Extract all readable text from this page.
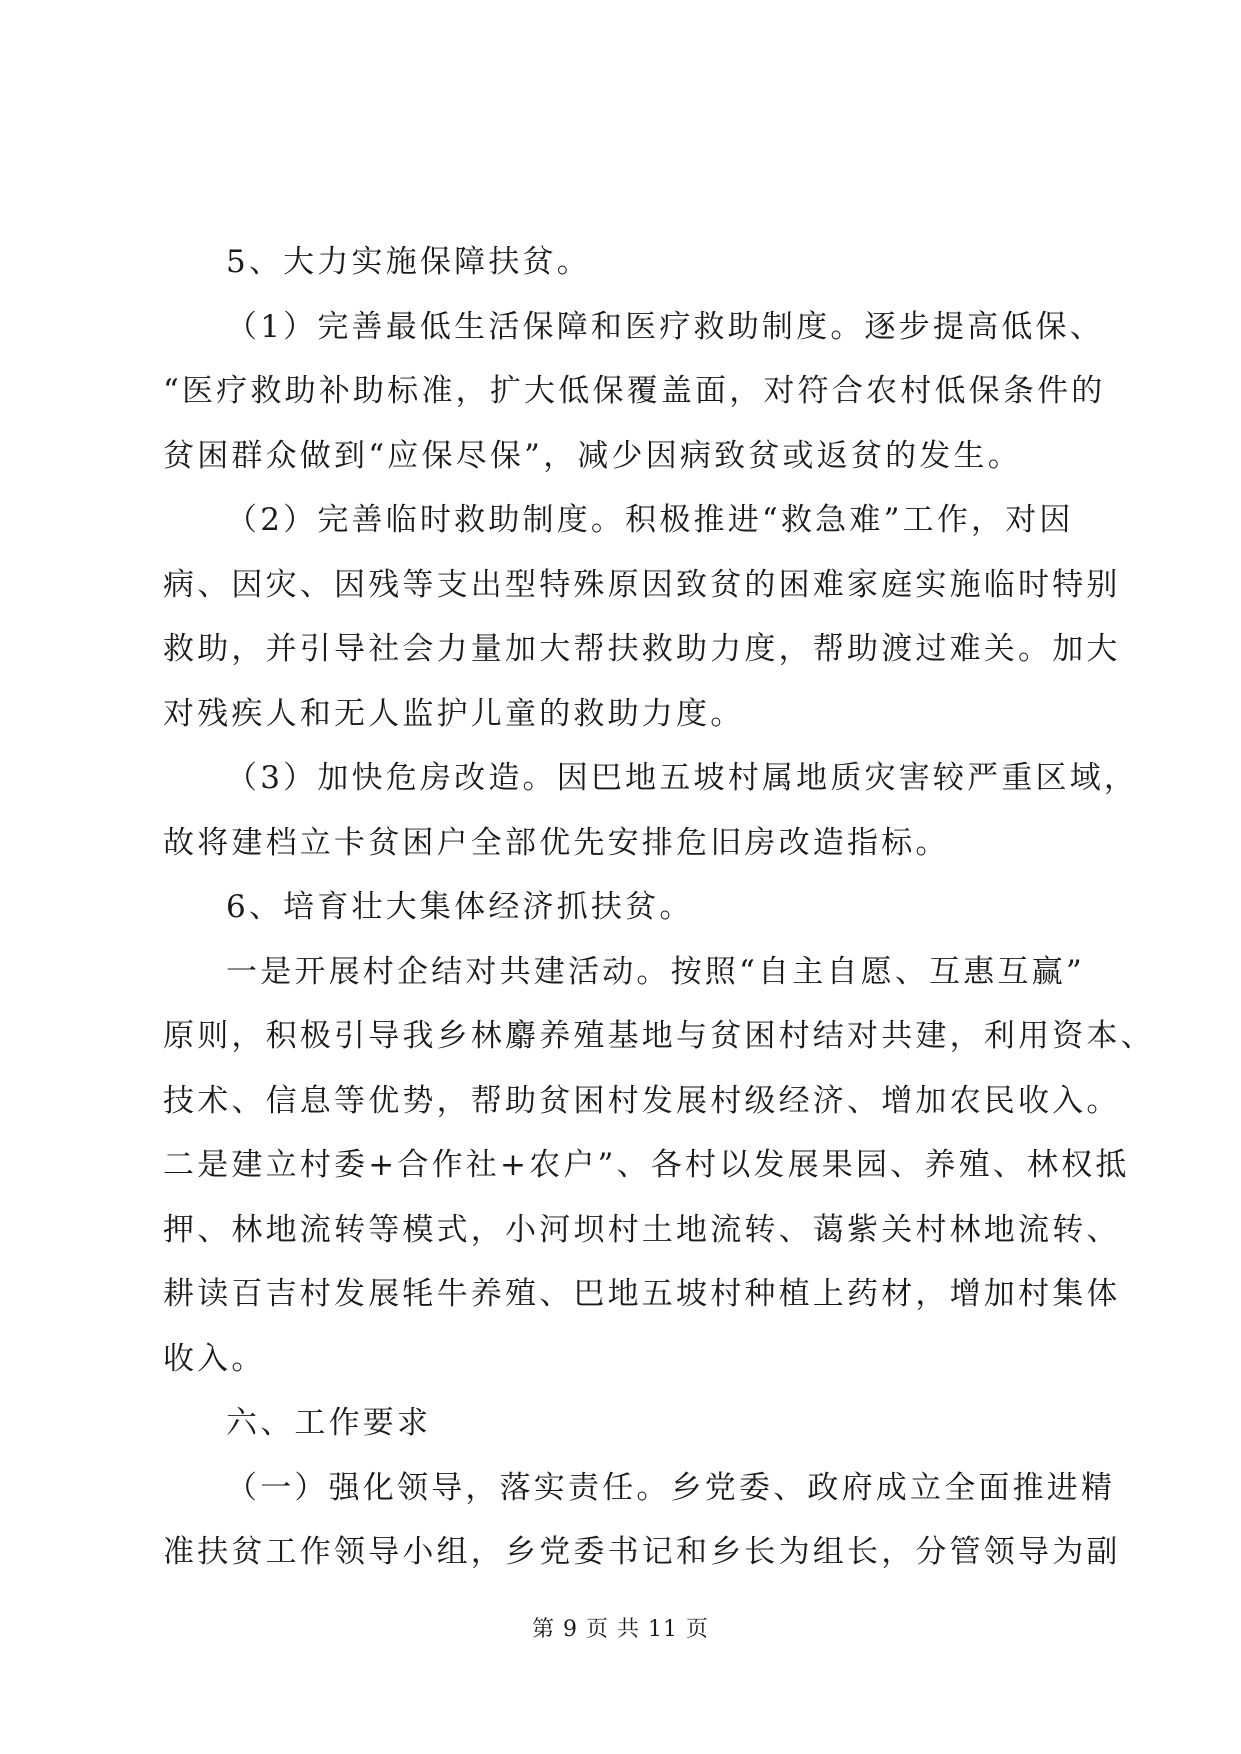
5、大力实施保障扶贫。
（1）完善最低生活保障和医疗救助制度。逐步提高低保、
“医疗救助补助标准，扩大低保覆盖面，对符合农村低保条件的
贫困群众做到“应保尽保”，减少因病致贫或返贫的发生。
（2）完善临时救助制度。积极推进“救急难”工作，对因
病、因灾、因残等支出型特殊原因致贫的困难家庭实施临时特别
救助，并引导社会力量加大帮扶救助力度，帮助渡过难关。加大
对残疾人和无人监护儿童的救助力度。
（3）加快危房改造。因巴地五坡村属地质灾害较严重区域，
故将建档立卡贫困户全部优先安排危旧房改造指标。
6、培育壮大集体经济抓扶贫。
一是开展村企结对共建活动。按照“自主自愿、互惠互赢”
原则，积极引导我乡林麝养殖基地与贫困村结对共建，利用资本、
技术、信息等优势，帮助贫困村发展村级经济、增加农民收入。
二是建立村委+合作社+农户”、各村以发展果园、养殖、林权抵
押、林地流转等模式，小河坝村土地流转、蔼紫关村林地流转、
耕读百吉村发展牦牛养殖、巴地五坡村种植上药材，增加村集体
收入。
六、工作要求
（一）强化领导，落实责任。乡党委、政府成立全面推进精
准扶贫工作领导小组，乡党委书记和乡长为组长，分管领导为副

第 9 页 共 11 页
